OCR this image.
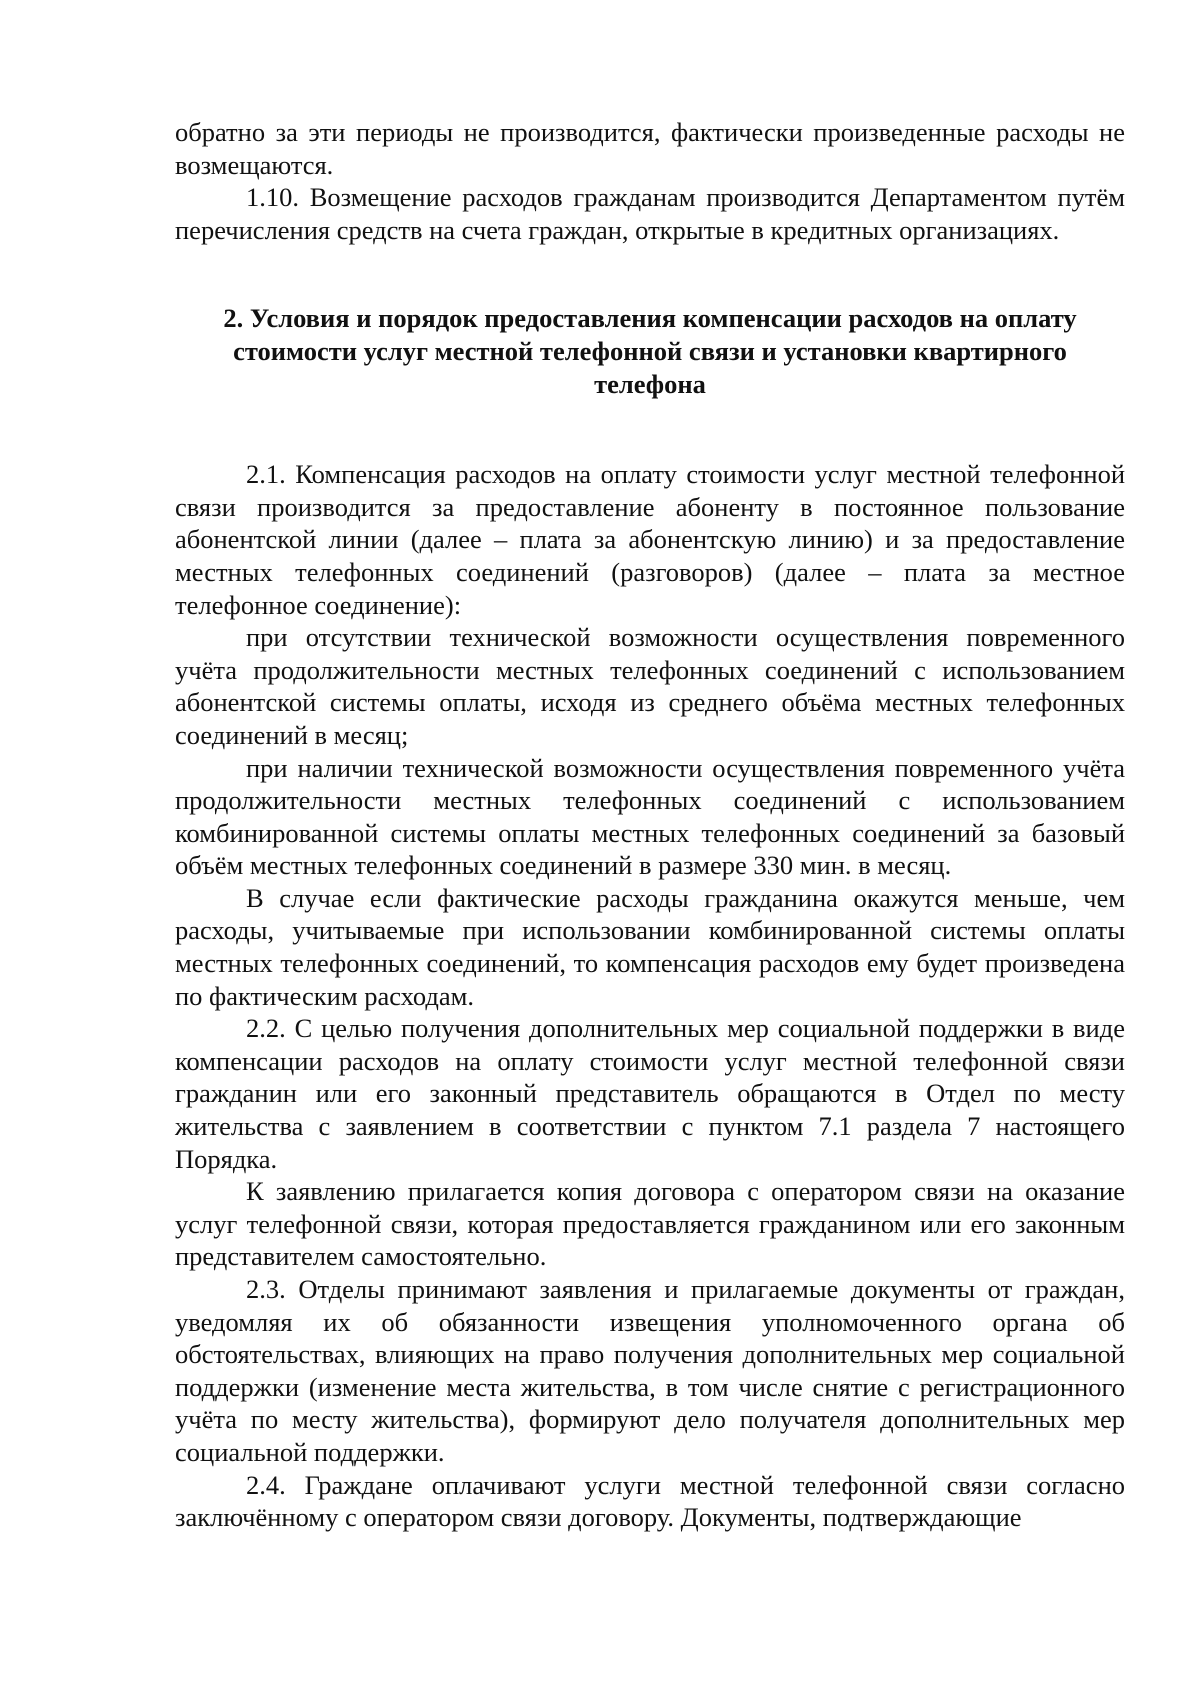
обратно за эти периоды не производится, фактически произведенные расходы не возмещаются.

1.10. Возмещение расходов гражданам производится Департаментом путём перечисления средств на счета граждан, открытые в кредитных организациях.

2. Условия и порядок предоставления компенсации расходов на оплату стоимости услуг местной телефонной связи и установки квартирного телефона

2.1. Компенсация расходов на оплату стоимости услуг местной телефонной связи производится за предоставление абоненту в постоянное пользование абонентской линии (далее – плата за абонентскую линию) и за предоставление местных телефонных соединений (разговоров) (далее – плата за местное телефонное соединение):

при отсутствии технической возможности осуществления повременного учёта продолжительности местных телефонных соединений с использованием абонентской системы оплаты, исходя из среднего объёма местных телефонных соединений в месяц;

при наличии технической возможности осуществления повременного учёта продолжительности местных телефонных соединений с использованием комбинированной системы оплаты местных телефонных соединений за базовый объём местных телефонных соединений в размере 330 мин. в месяц.

В случае если фактические расходы гражданина окажутся меньше, чем расходы, учитываемые при использовании комбинированной системы оплаты местных телефонных соединений, то компенсация расходов ему будет произведена по фактическим расходам.

2.2. С целью получения дополнительных мер социальной поддержки в виде компенсации расходов на оплату стоимости услуг местной телефонной связи гражданин или его законный представитель обращаются в Отдел по месту жительства с заявлением в соответствии с пунктом 7.1 раздела 7 настоящего Порядка.

К заявлению прилагается копия договора с оператором связи на оказание услуг телефонной связи, которая предоставляется гражданином или его законным представителем самостоятельно.

2.3. Отделы принимают заявления и прилагаемые документы от граждан, уведомляя их об обязанности извещения уполномоченного органа об обстоятельствах, влияющих на право получения дополнительных мер социальной поддержки (изменение места жительства, в том числе снятие с регистрационного учёта по месту жительства), формируют дело получателя дополнительных мер социальной поддержки.

2.4. Граждане оплачивают услуги местной телефонной связи согласно заключённому с оператором связи договору. Документы, подтверждающие
